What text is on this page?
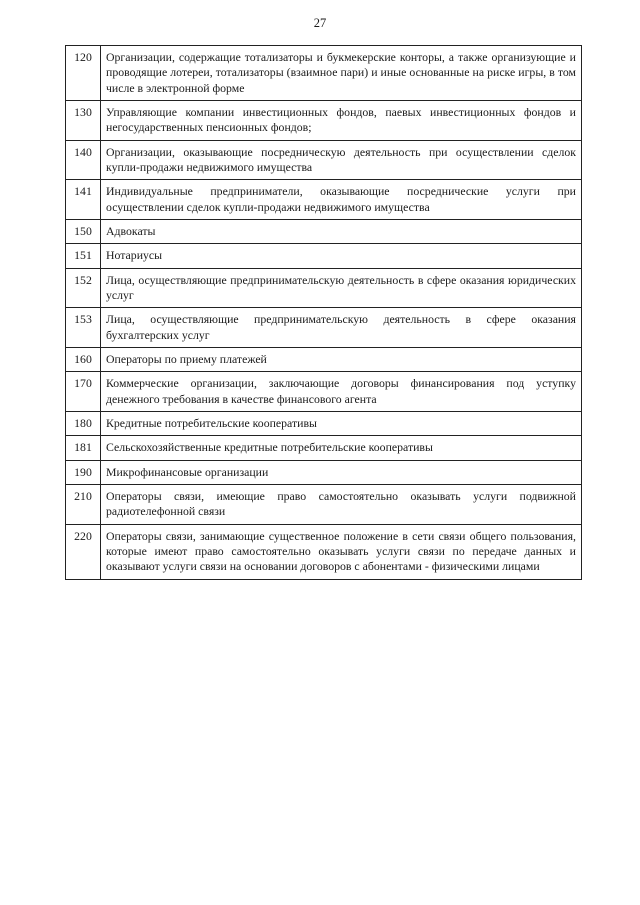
27
120	Организации, содержащие тотализаторы и букмекерские конторы, а также организующие и проводящие лотереи, тотализаторы (взаимное пари) и иные основанные на риске игры, в том числе в электронной форме
130	Управляющие компании инвестиционных фондов, паевых инвестиционных фондов и негосударственных пенсионных фондов;
140	Организации, оказывающие посредническую деятельность при осуществлении сделок купли-продажи недвижимого имущества
141	Индивидуальные предприниматели, оказывающие посреднические услуги при осуществлении сделок купли-продажи недвижимого имущества
150	Адвокаты
151	Нотариусы
152	Лица, осуществляющие предпринимательскую деятельность в сфере оказания юридических услуг
153	Лица, осуществляющие предпринимательскую деятельность в сфере оказания бухгалтерских услуг
160	Операторы по приему платежей
170	Коммерческие организации, заключающие договоры финансирования под уступку денежного требования в качестве финансового агента
180	Кредитные потребительские кооперативы
181	Сельскохозяйственные кредитные потребительские кооперативы
190	Микрофинансовые организации
210	Операторы связи, имеющие право самостоятельно оказывать услуги подвижной радиотелефонной связи
220	Операторы связи, занимающие существенное положение в сети связи общего пользования, которые имеют право самостоятельно оказывать услуги связи по передаче данных и оказывают услуги связи на основании договоров с абонентами - физическими лицами
